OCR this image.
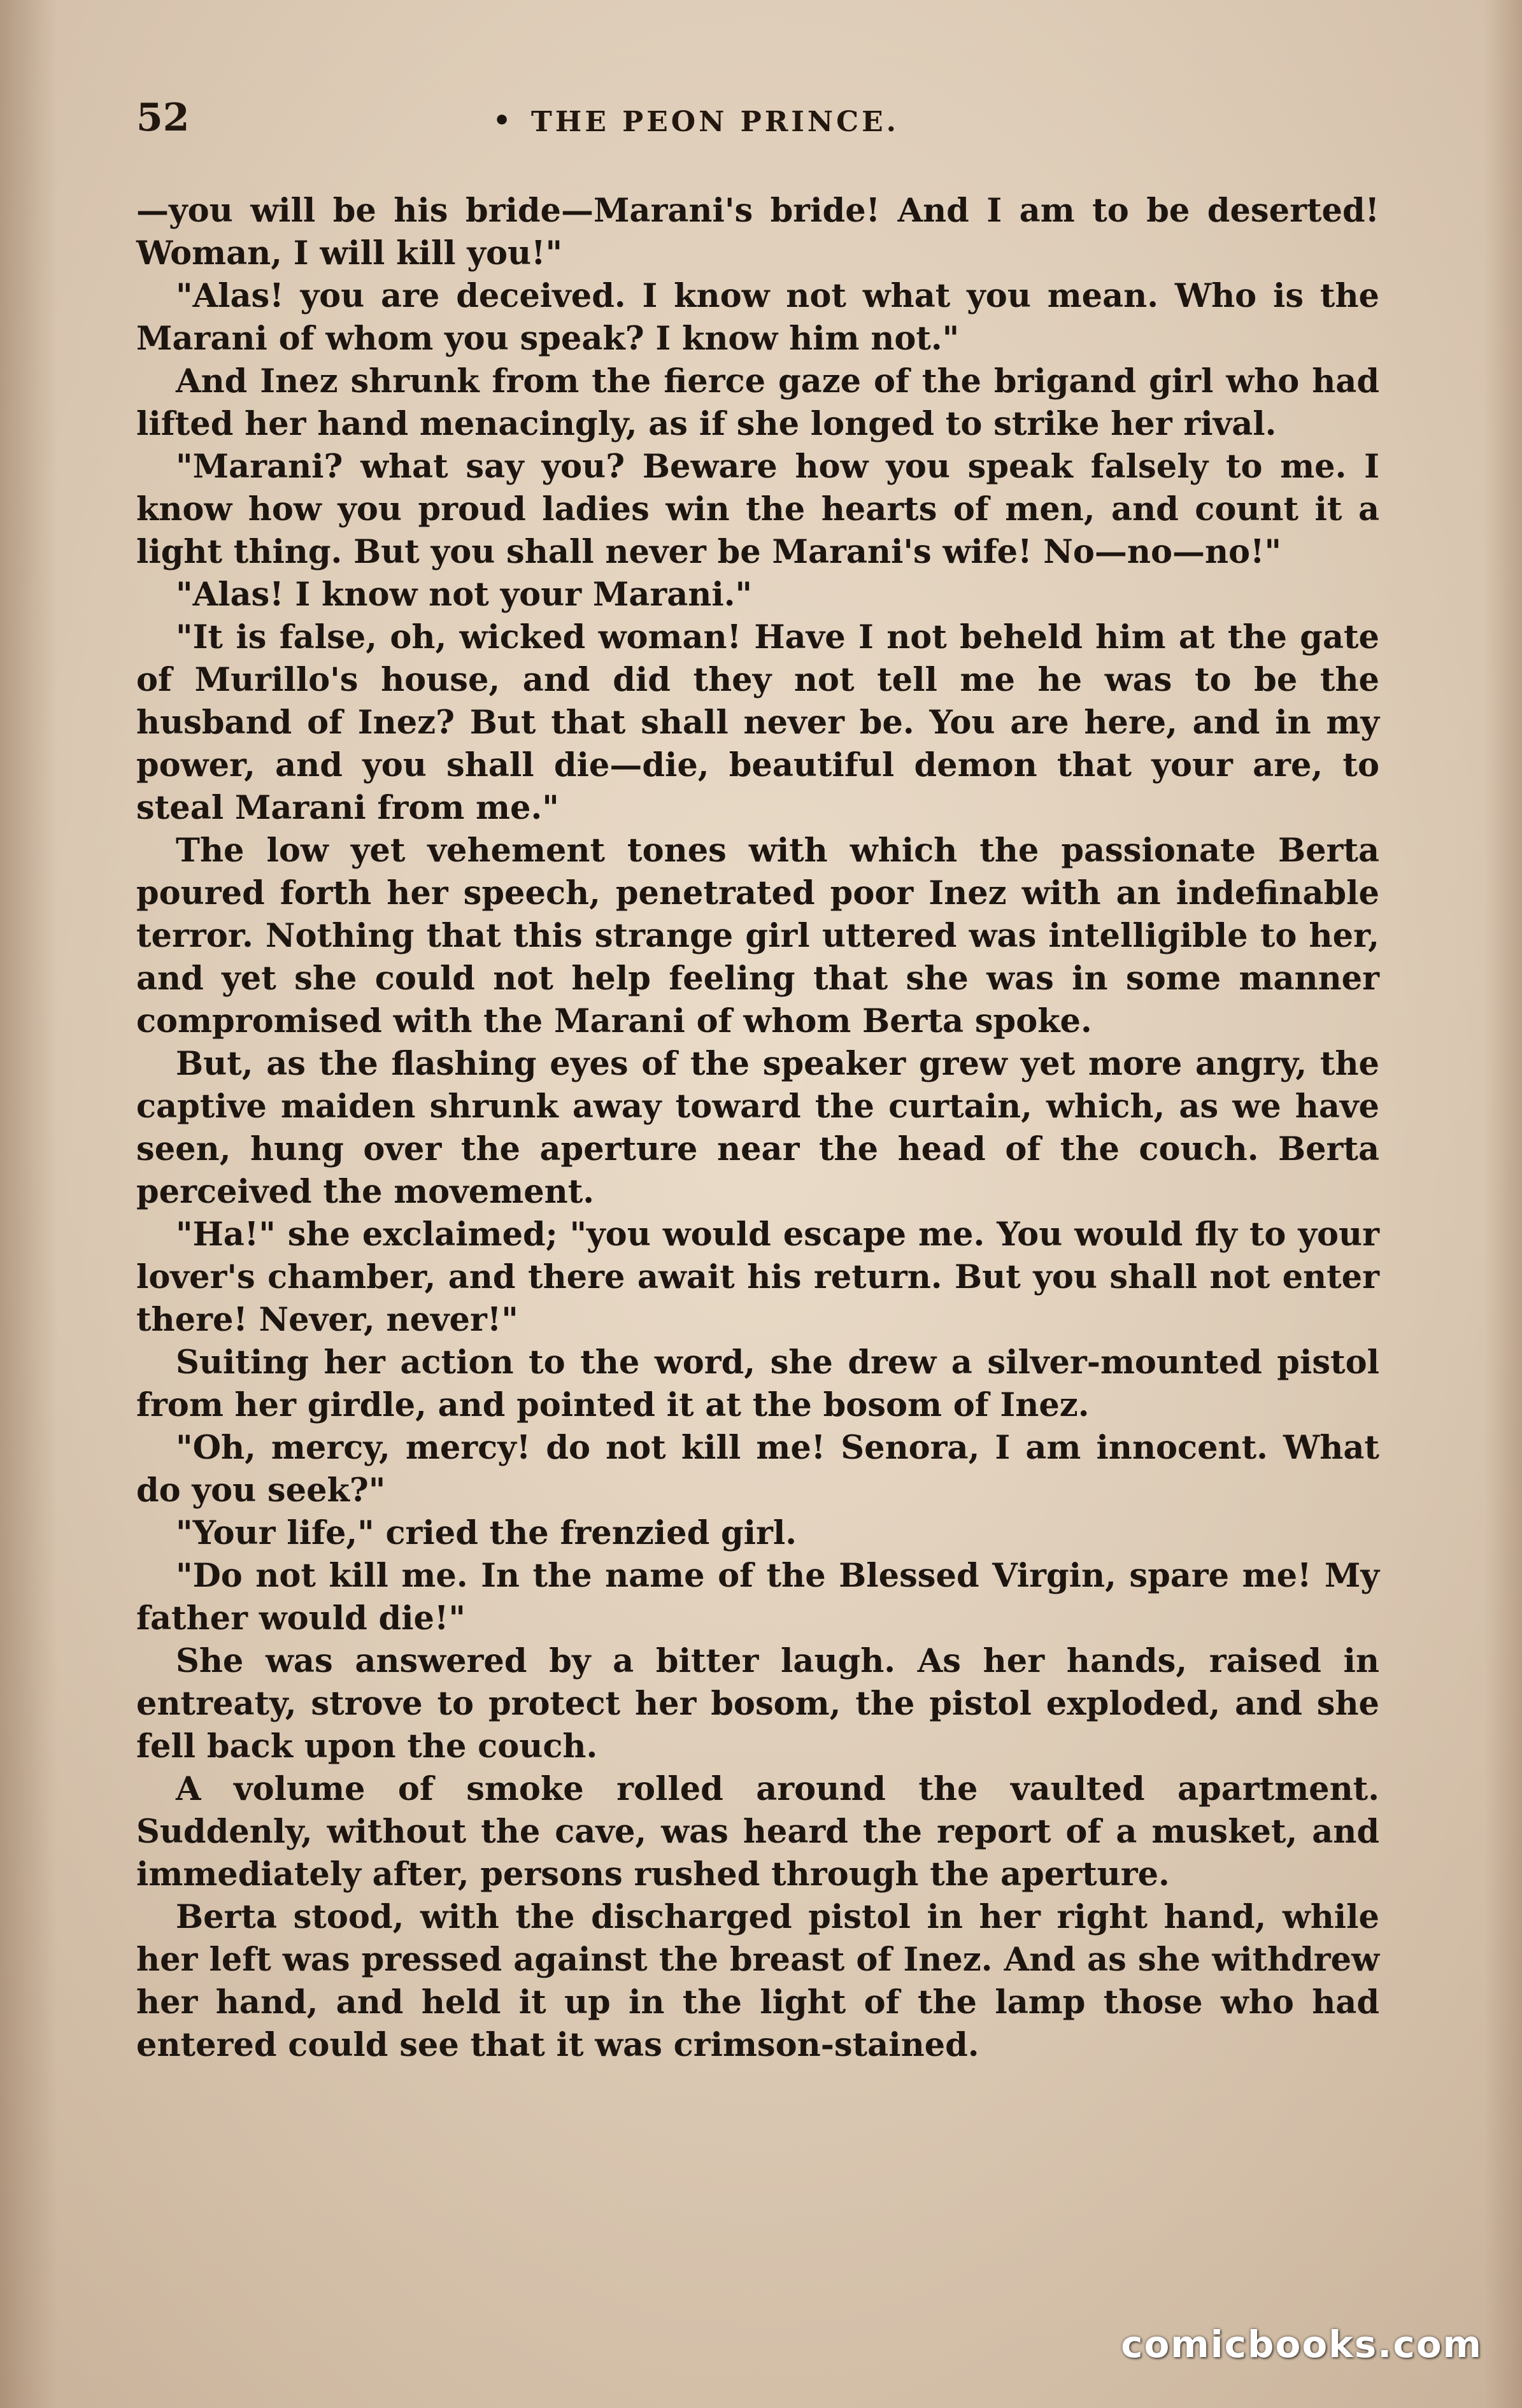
52	• THE PEON PRINCE.

—you will be his bride—Marani's bride! And I am to be deserted! Woman, I will kill you!"

"Alas! you are deceived. I know not what you mean. Who is the Marani of whom you speak? I know him not."

And Inez shrunk from the fierce gaze of the brigand girl who had lifted her hand menacingly, as if she longed to strike her rival.

"Marani? what say you? Beware how you speak falsely to me. I know how you proud ladies win the hearts of men, and count it a light thing. But you shall never be Marani's wife! No—no—no!"

"Alas! I know not your Marani."

"It is false, oh, wicked woman! Have I not beheld him at the gate of Murillo's house, and did they not tell me he was to be the husband of Inez? But that shall never be. You are here, and in my power, and you shall die—die, beautiful demon that your are, to steal Marani from me."

The low yet vehement tones with which the passionate Berta poured forth her speech, penetrated poor Inez with an indefinable terror. Nothing that this strange girl uttered was intelligible to her, and yet she could not help feeling that she was in some manner compromised with the Marani of whom Berta spoke.

But, as the flashing eyes of the speaker grew yet more angry, the captive maiden shrunk away toward the curtain, which, as we have seen, hung over the aperture near the head of the couch. Berta perceived the movement.

"Ha!" she exclaimed; "you would escape me. You would fly to your lover's chamber, and there await his return. But you shall not enter there! Never, never!"

Suiting her action to the word, she drew a silver-mounted pistol from her girdle, and pointed it at the bosom of Inez.

"Oh, mercy, mercy! do not kill me! Senora, I am innocent. What do you seek?"

"Your life," cried the frenzied girl.

"Do not kill me. In the name of the Blessed Virgin, spare me! My father would die!"

She was answered by a bitter laugh. As her hands, raised in entreaty, strove to protect her bosom, the pistol exploded, and she fell back upon the couch.

A volume of smoke rolled around the vaulted apartment. Suddenly, without the cave, was heard the report of a musket, and immediately after, persons rushed through the aperture.

Berta stood, with the discharged pistol in her right hand, while her left was pressed against the breast of Inez. And as she withdrew her hand, and held it up in the light of the lamp those who had entered could see that it was crimson-stained.

comicbooks.com
